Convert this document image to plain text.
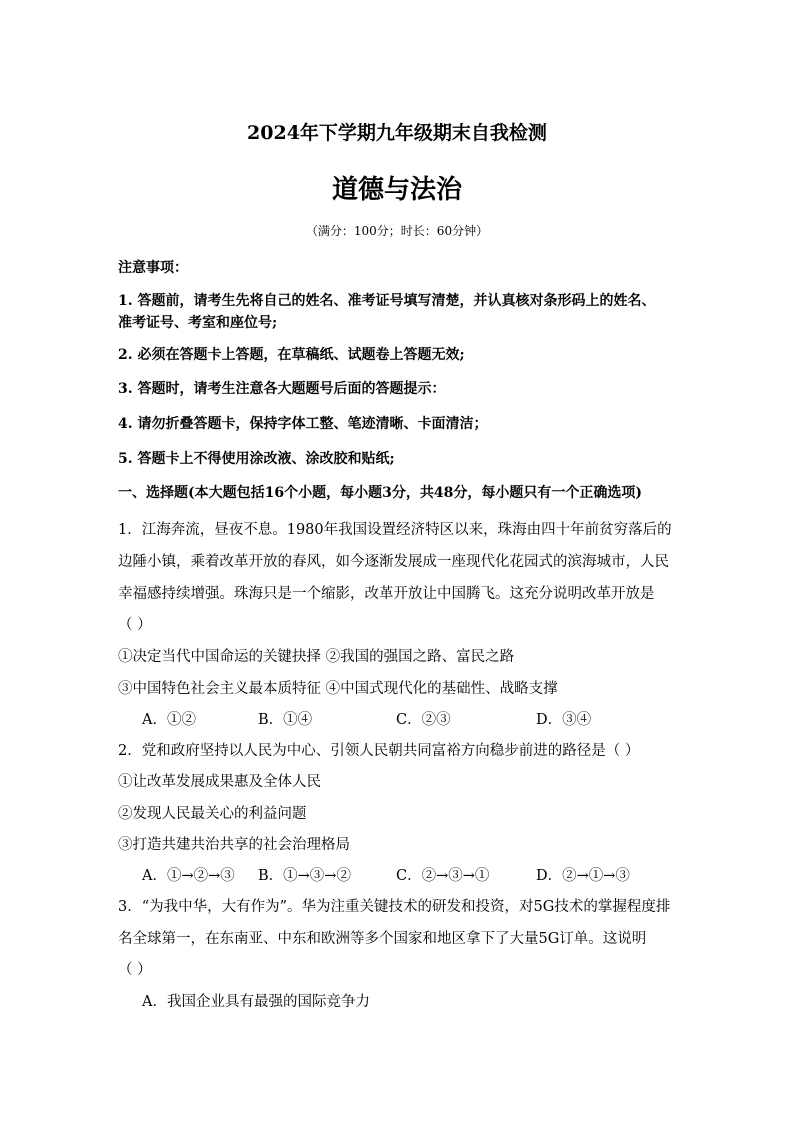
2024年下学期九年级期末自我检测
道德与法治
（满分：100分；时长：60分钟）
注意事项：
1. 答题前，请考生先将自己的姓名、准考证号填写清楚，并认真核对条形码上的姓名、
准考证号、考室和座位号;
2. 必须在答题卡上答题，在草稿纸、试题卷上答题无效;
3. 答题时，请考生注意各大题题号后面的答题提示：
4. 请勿折叠答题卡，保持字体工整、笔迹清晰、卡面清洁；
5. 答题卡上不得使用涂改液、涂改胶和贴纸;
一、选择题(本大题包括16个小题，每小题3分，共48分，每小题只有一个正确选项)
1．江海奔流，昼夜不息。1980年我国设置经济特区以来，珠海由四十年前贫穷落后的
边陲小镇，乘着改革开放的春风，如今逐渐发展成一座现代化花园式的滨海城市，人民
幸福感持续增强。珠海只是一个缩影，改革开放让中国腾飞。这充分说明改革开放是
（ ）
①决定当代中国命运的关键抉择 ②我国的强国之路、富民之路
③中国特色社会主义最本质特征 ④中国式现代化的基础性、战略支撑
A．①②	B．①④	C．②③	D．③④
2．党和政府坚持以人民为中心、引领人民朝共同富裕方向稳步前进的路径是（ ）
①让改革发展成果惠及全体人民
②发现人民最关心的利益问题
③打造共建共治共享的社会治理格局
A．①→②→③ B．①→③→②	C．②→③→①	D．②→①→③
3．“为我中华，大有作为”。华为注重关键技术的研发和投资，对5G技术的掌握程度排
名全球第一，在东南亚、中东和欧洲等多个国家和地区拿下了大量5G订单。这说明
（ ）
A．我国企业具有最强的国际竞争力
